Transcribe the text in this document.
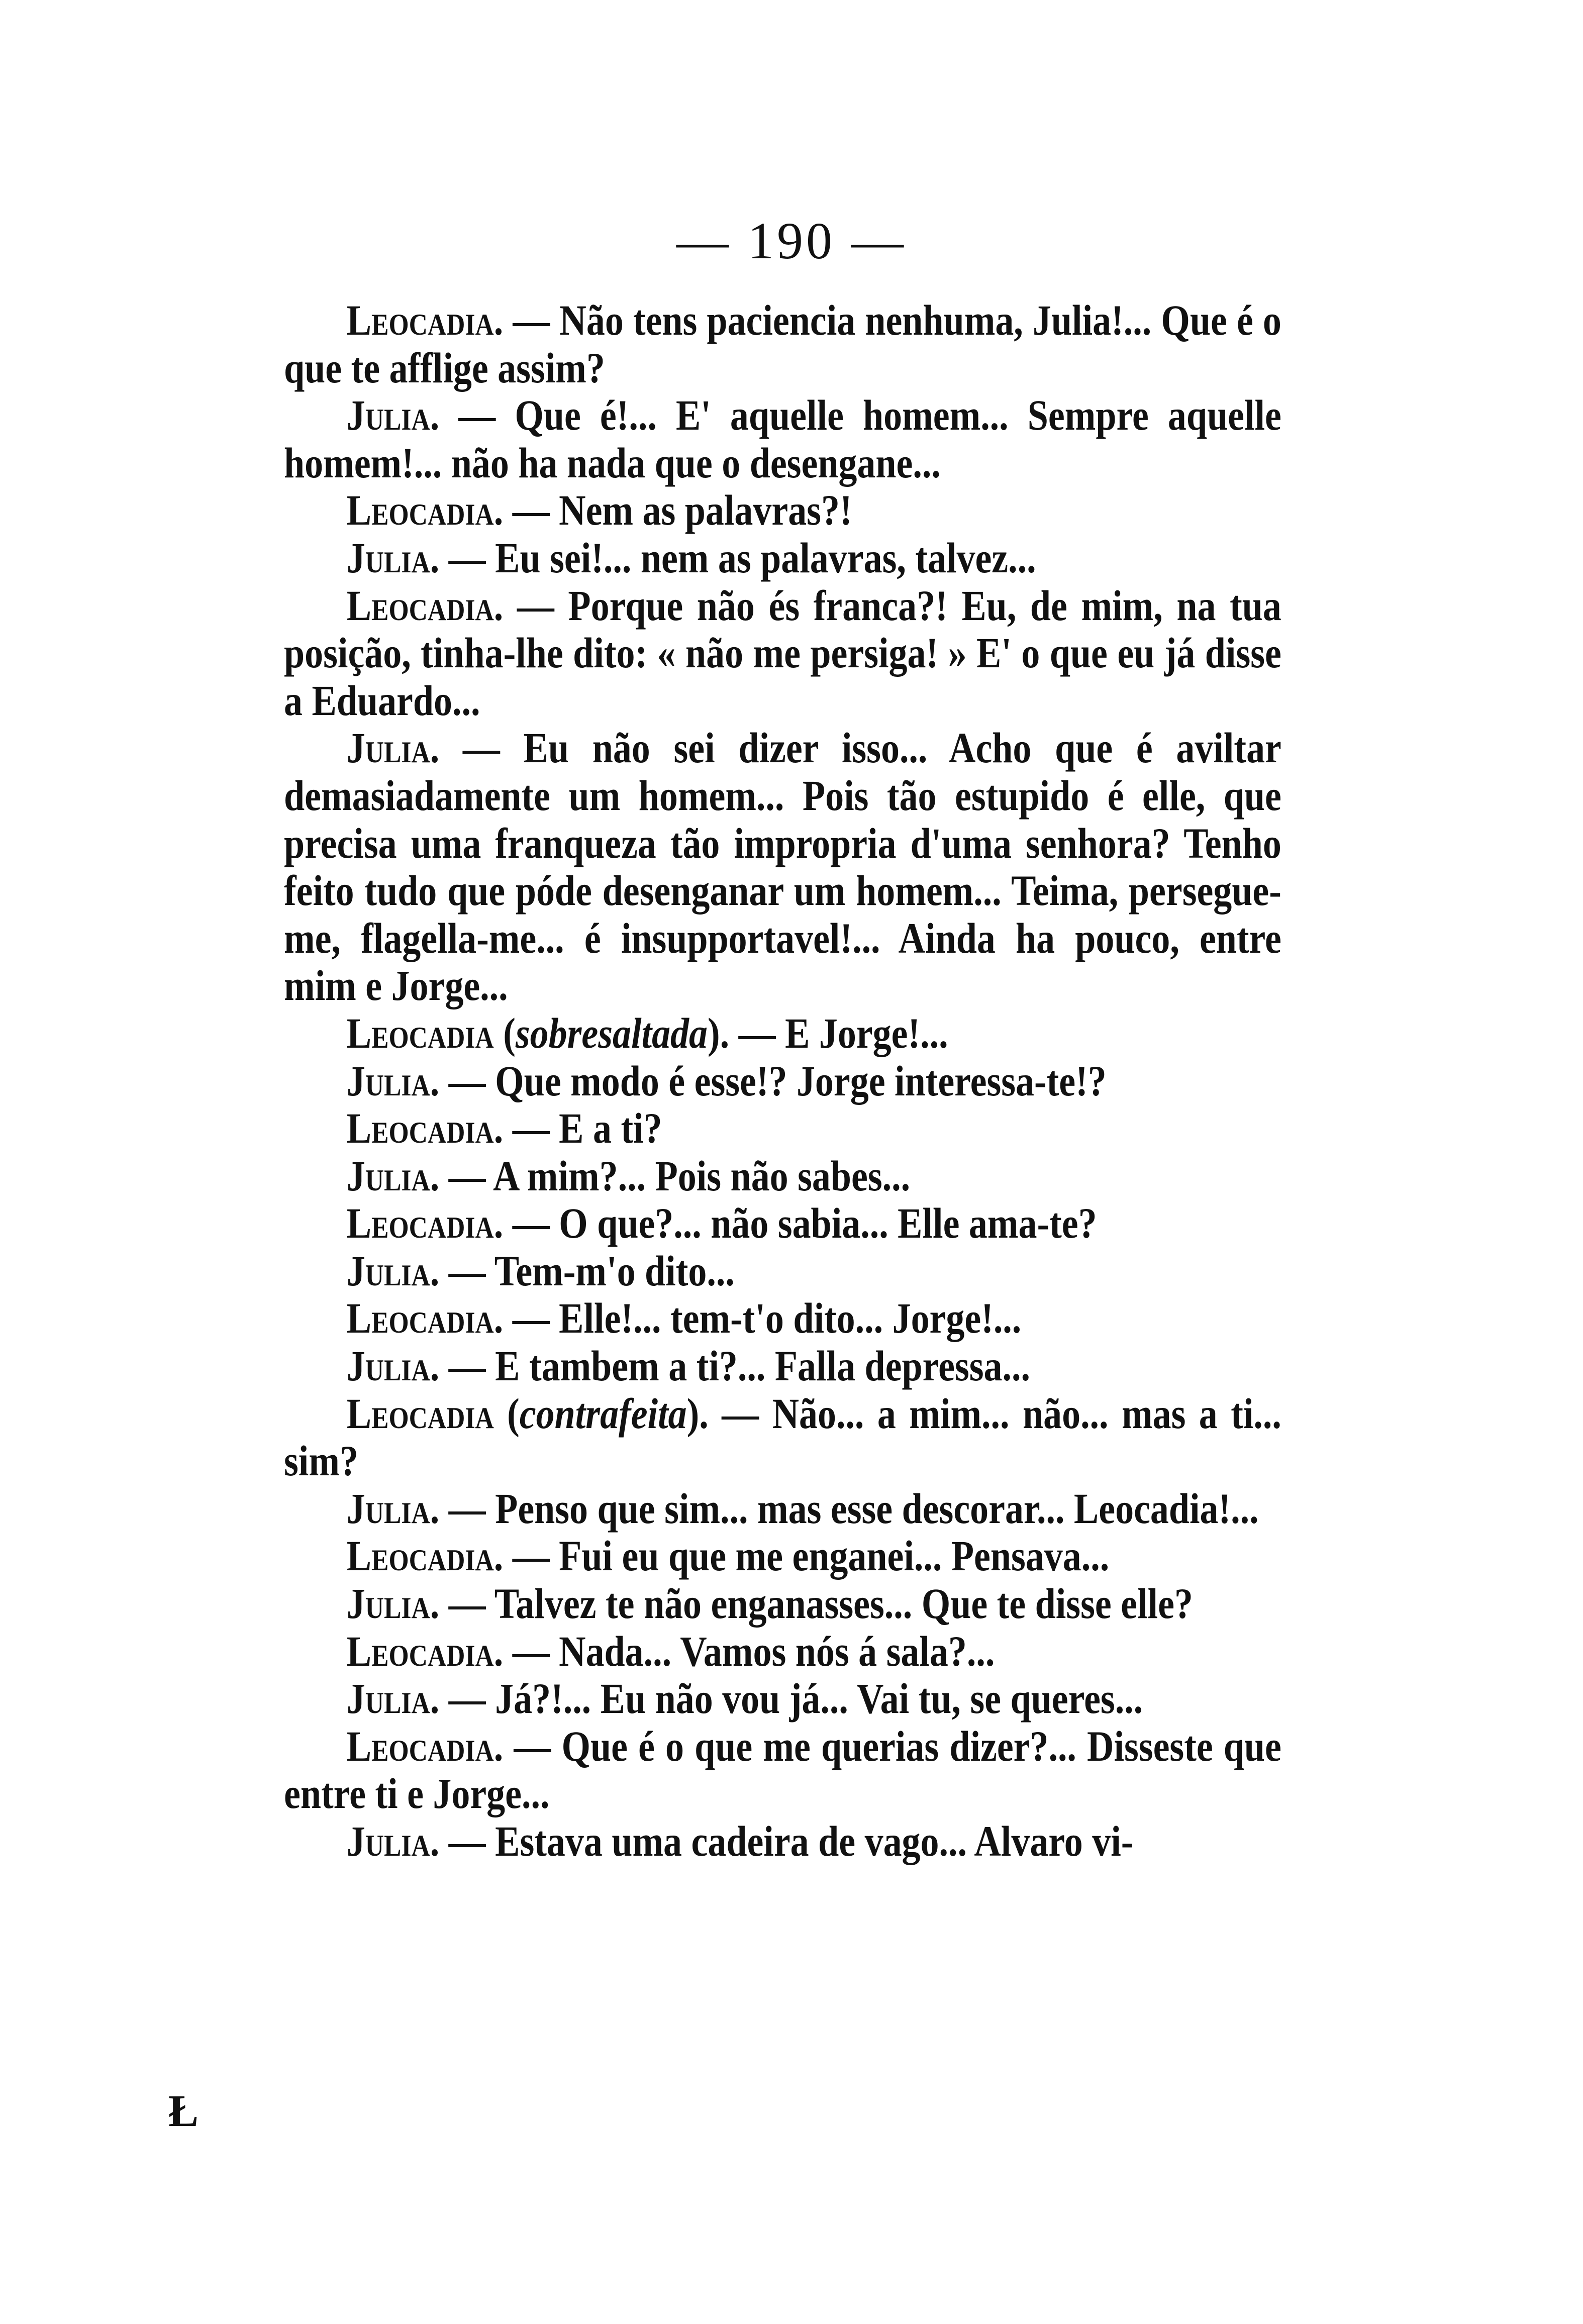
— 190 —

Leocadia. — Não tens paciencia nenhuma, Julia!... Que é o que te afflige assim?

Julia. — Que é!... E' aquelle homem... Sempre aquelle homem!... não ha nada que o desengane...

Leocadia. — Nem as palavras?!

Julia. — Eu sei!... nem as palavras, talvez...

Leocadia. — Porque não és franca?! Eu, de mim, na tua posição, tinha-lhe dito: « não me persiga! » E' o que eu já disse a Eduardo...

Julia. — Eu não sei dizer isso... Acho que é aviltar demasiadamente um homem... Pois tão estupido é elle, que precisa uma franqueza tão impropria d'uma senhora? Tenho feito tudo que póde desenganar um homem... Teima, persegue-me, flagella-me... é insupportavel!... Ainda ha pouco, entre mim e Jorge...

Leocadia (sobresaltada). — E Jorge!...

Julia. — Que modo é esse!? Jorge interessa-te!?

Leocadia. — E a ti?

Julia. — A mim?... Pois não sabes...

Leocadia. — O que?... não sabia... Elle ama-te?

Julia. — Tem-m'o dito...

Leocadia. — Elle!... tem-t'o dito... Jorge!...

Julia. — E tambem a ti?... Falla depressa...

Leocadia (contrafeita). — Não... a mim... não... mas a ti... sim?

Julia. — Penso que sim... mas esse descorar... Leocadia!...

Leocadia. — Fui eu que me enganei... Pensava...

Julia. — Talvez te não enganasses... Que te disse elle?

Leocadia. — Nada... Vamos nós á sala?...

Julia. — Já?!... Eu não vou já... Vai tu, se queres...

Leocadia. — Que é o que me querias dizer?... Disseste que entre ti e Jorge...

Julia. — Estava uma cadeira de vago... Alvaro vi-

Ł
